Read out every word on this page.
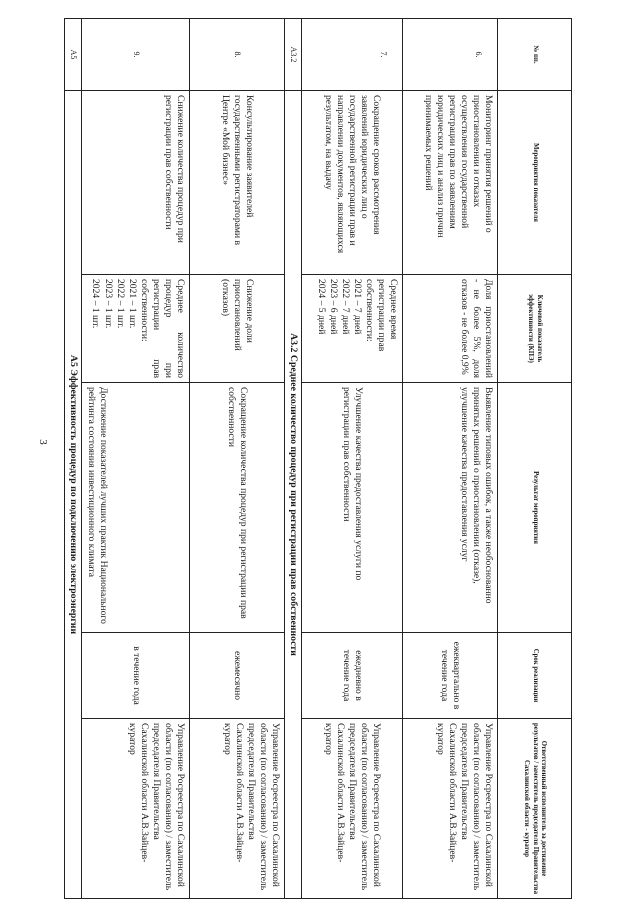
3
№ пп.	Мероприятия показателя	Ключевой показатель эффективности (КПЭ)	Результат мероприятия	Срок реализации	Ответственный исполнитель за достижение результатов / заместитель председателя Правительства Сахалинской области - куратор
6.	Мониторинг принятия решений о приостановлении и отказах осуществления государственной регистрации прав по заявлениям юридических лиц и анализ причин принимаемых решений	Доля приостановлений - не более 5%, доля отказов - не более 0,9%	Выявление типовых ошибок, а также необоснованно принятых решений о приостановлении (отказе), улучшение качества предоставления услуг	ежеквартально в течение года	Управление Росреестра по Сахалинской области (по согласованию) / заместитель председателя Правительства Сахалинской области А.В.Зайцев- куратор
7.	Сокращение сроков рассмотрения заявлений юридических лиц о государственной регистрации прав и направлении документов, являющихся результатом, на выдачу	Среднее время регистрации прав собственности:
2021 – 7 дней
2022 – 7 дней
2023 – 6 дней
2024 – 5 дней	Улучшение качества предоставления услуги по регистрации прав собственности	ежедневно в течение года	Управление Росреестра по Сахалинской области (по согласованию) / заместитель председателя Правительства Сахалинской области А.В.Зайцев- куратор
А3.2	А3.2 Среднее количество процедур при регистрации прав собственности				
8.	Консультирование заявителей государственными регистраторами в Центре «Мой бизнес»	Снижение доли приостановлений (отказов)	Сокращение количества процедур при регистрации прав собственности	ежемесячно	Управление Росреестра по Сахалинской области (по согласованию) / заместитель председателя Правительства Сахалинской области А.В.Зайцев- куратор
9.	Снижение количества процедур при регистрации прав собственности	Среднее количество процедур при регистрации прав собственности:
2021 – 1 шт.
2022 – 1 шт.
2023 – 1 шт.
2024 – 1 шт.	Достижение показателей лучших практик Национального рейтинга состояния инвестиционного климата	в течение года	Управление Росреестра по Сахалинской области (по согласованию) / заместитель председателя Правительства Сахалинской области А.В.Зайцев- куратор
А5	А5 Эффективность процедур по подключению электроэнергии				
